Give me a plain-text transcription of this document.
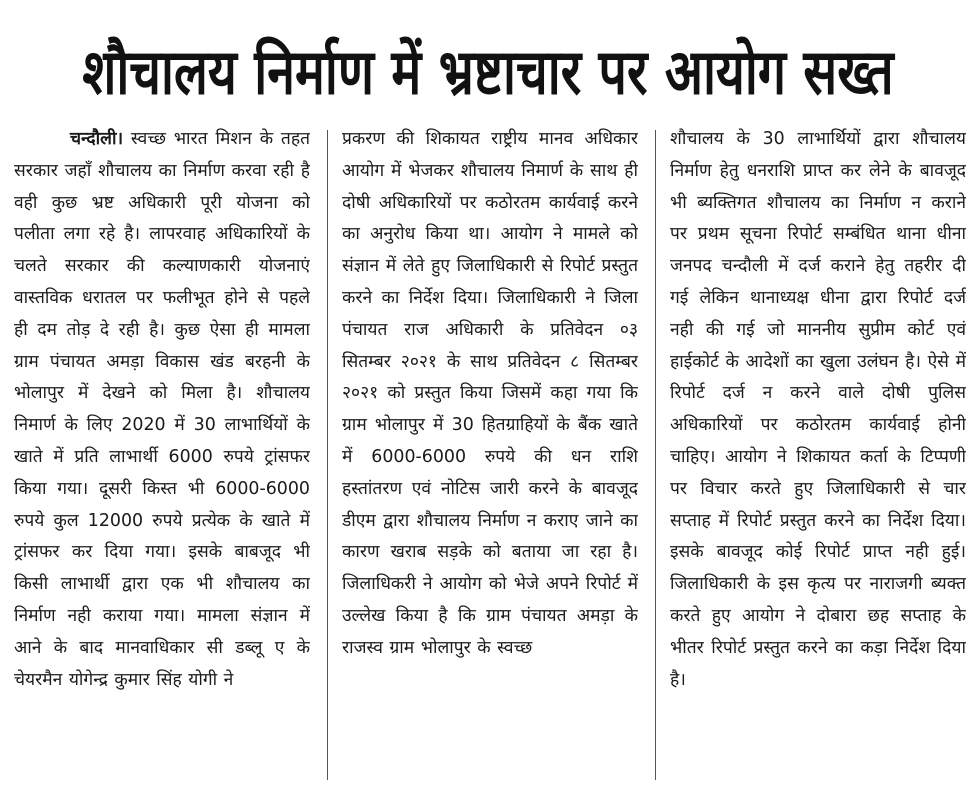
शौचालय निर्माण में भ्रष्टाचार पर आयोग सख्त
चन्दौली। स्वच्छ भारत मिशन के तहत सरकार जहाँ शौचालय का निर्माण करवा रही है वही कुछ भ्रष्ट अधिकारी पूरी योजना को पलीता लगा रहे है। लापरवाह अधिकारियों के चलते सरकार की कल्याणकारी योजनाएं वास्तविक धरातल पर फलीभूत होने से पहले ही दम तोड़ दे रही है। कुछ ऐसा ही मामला ग्राम पंचायत अमड़ा विकास खंड बरहनी के भोलापुर में देखने को मिला है। शौचालय निमार्ण के लिए 2020 में 30 लाभार्थियों के खाते में प्रति लाभार्थी 6000 रुपये ट्रांसफर किया गया। दूसरी किस्त भी 6000-6000 रुपये कुल 12000 रुपये प्रत्येक के खाते में ट्रांसफर कर दिया गया। इसके बाबजूद भी किसी लाभार्थी द्वारा एक भी शौचालय का निर्माण नही कराया गया। मामला संज्ञान में आने के बाद मानवाधिकार सी डब्लू ए के चेयरमैन योगेन्द्र कुमार सिंह योगी ने
प्रकरण की शिकायत राष्ट्रीय मानव अधिकार आयोग में भेजकर शौचालय निमार्ण के साथ ही दोषी अधिकारियों पर कठोरतम कार्यवाई करने का अनुरोध किया था। आयोग ने मामले को संज्ञान में लेते हुए जिलाधिकारी से रिपोर्ट प्रस्तुत करने का निर्देश दिया। जिलाधिकारी ने जिला पंचायत राज अधिकारी के प्रतिवेदन ०३ सितम्बर २०२१ के साथ प्रतिवेदन ८ सितम्बर २०२१ को प्रस्तुत किया जिसमें कहा गया कि ग्राम भोलापुर में 30 हितग्राहियों के बैंक खाते में 6000-6000 रुपये की धन राशि हस्तांतरण एवं नोटिस जारी करने के बावजूद डीएम द्वारा शौचालय निर्माण न कराए जाने का कारण खराब सड़के को बताया जा रहा है। जिलाधिकरी ने आयोग को भेजे अपने रिपोर्ट में उल्लेख किया है कि ग्राम पंचायत अमड़ा के राजस्व ग्राम भोलापुर के स्वच्छ
शौचालय के 30 लाभार्थियों द्वारा शौचालय निर्माण हेतु धनराशि प्राप्त कर लेने के बावजूद भी ब्यक्तिगत शौचालय का निर्माण न कराने पर प्रथम सूचना रिपोर्ट सम्बंधित थाना धीना जनपद चन्दौली में दर्ज कराने हेतु तहरीर दी गई लेकिन थानाध्यक्ष धीना द्वारा रिपोर्ट दर्ज नही की गई जो माननीय सुप्रीम कोर्ट एवं हाईकोर्ट के आदेशों का खुला उलंघन है। ऐसे में रिपोर्ट दर्ज न करने वाले दोषी पुलिस अधिकारियों पर कठोरतम कार्यवाई होनी चाहिए। आयोग ने शिकायत कर्ता के टिप्पणी पर विचार करते हुए जिलाधिकारी से चार सप्ताह में रिपोर्ट प्रस्तुत करने का निर्देश दिया। इसके बावजूद कोई रिपोर्ट प्राप्त नही हुई। जिलाधिकारी के इस कृत्य पर नाराजगी ब्यक्त करते हुए आयोग ने दोबारा छह सप्ताह के भीतर रिपोर्ट प्रस्तुत करने का कड़ा निर्देश दिया है।
